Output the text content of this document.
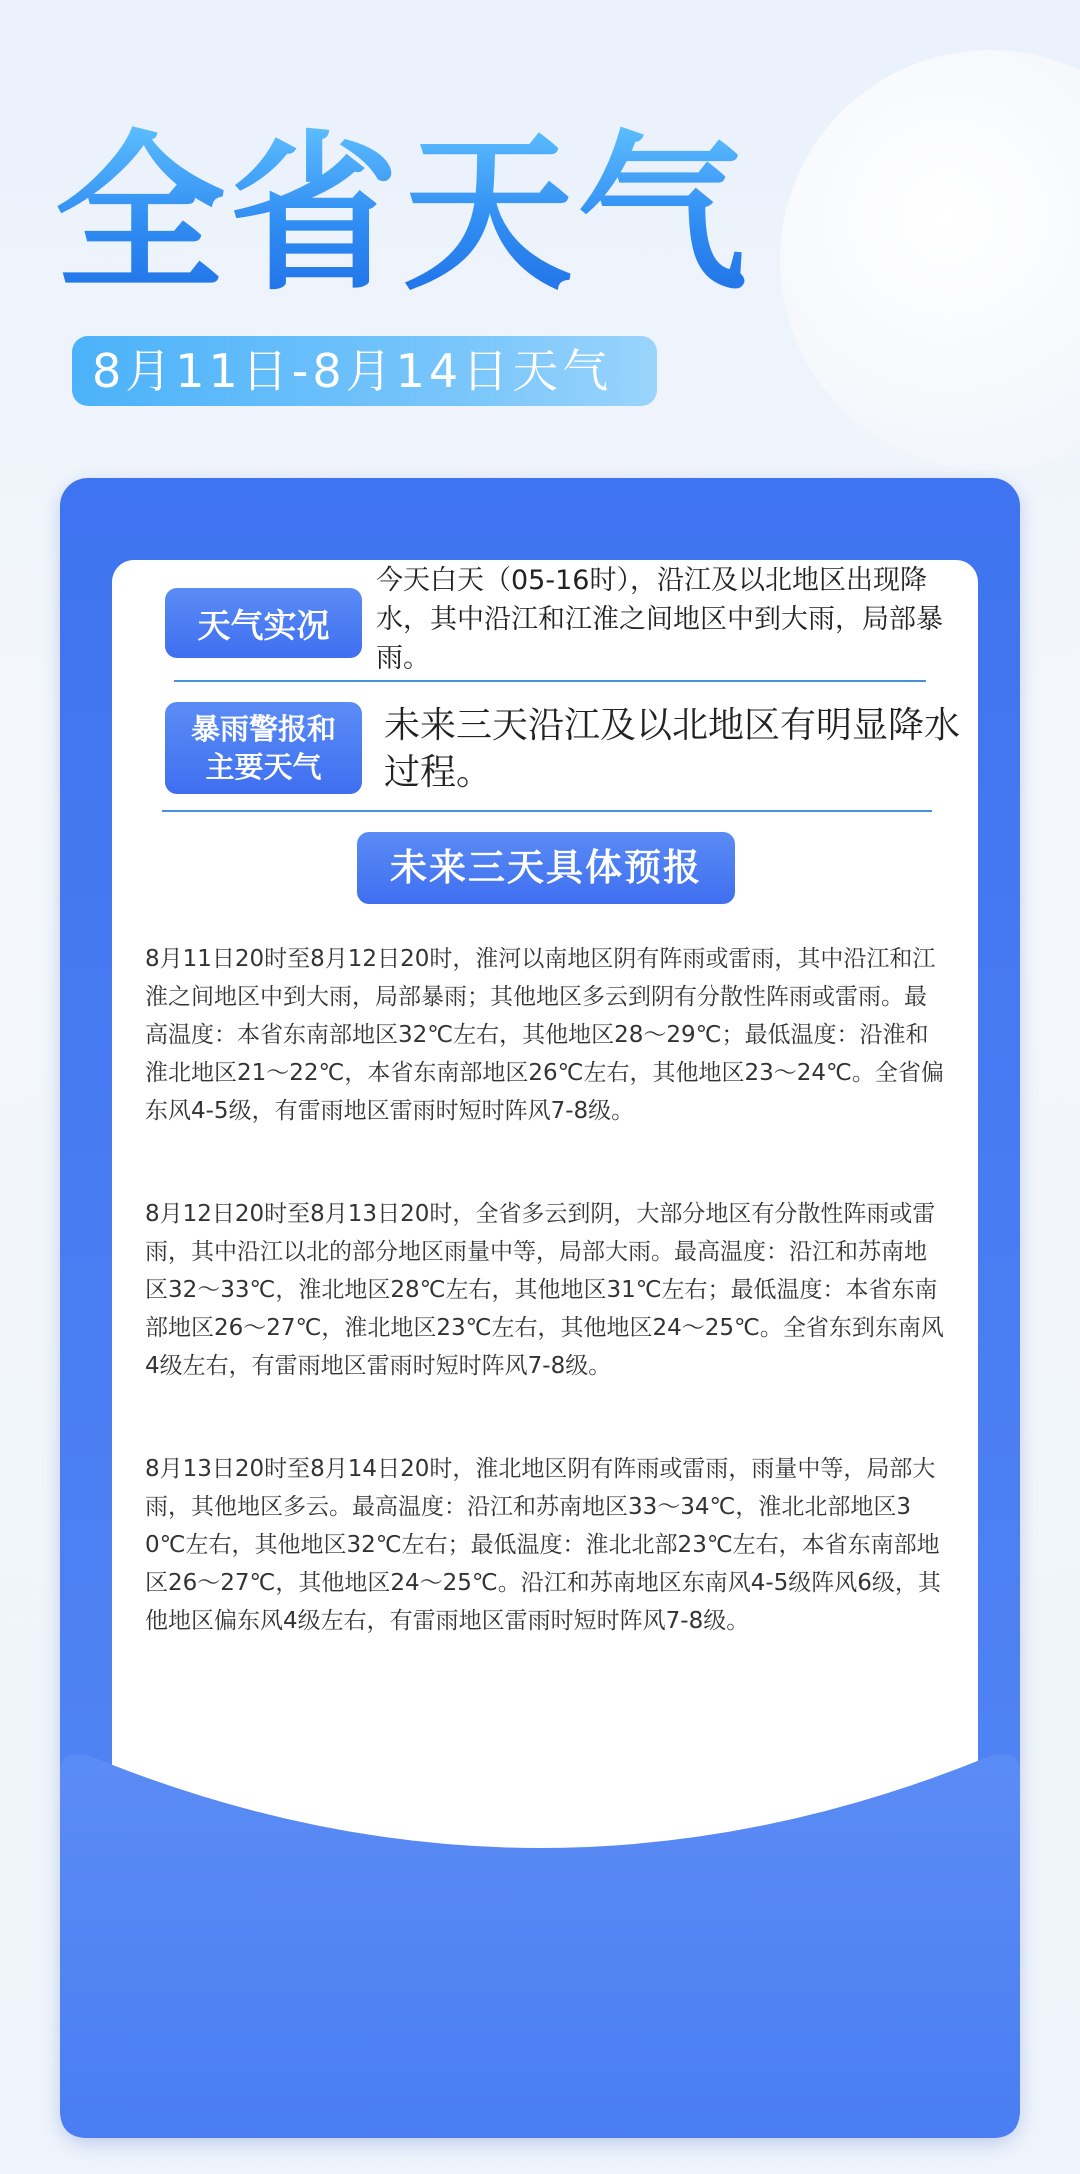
全省天气
8月11日-8月14日天气
天气实况
今天白天（05-16时），沿江及以北地区出现降水，其中沿江和江淮之间地区中到大雨，局部暴雨。
暴雨警报和
主要天气
未来三天沿江及以北地区有明显降水过程。
未来三天具体预报
8月11日20时至8月12日20时，淮河以南地区阴有阵雨或雷雨，其中沿江和江淮之间地区中到大雨，局部暴雨；其他地区多云到阴有分散性阵雨或雷雨。最高温度：本省东南部地区32℃左右，其他地区28～29℃；最低温度：沿淮和淮北地区21～22℃，本省东南部地区26℃左右，其他地区23～24℃。全省偏东风4-5级，有雷雨地区雷雨时短时阵风7-8级。
8月12日20时至8月13日20时，全省多云到阴，大部分地区有分散性阵雨或雷雨，其中沿江以北的部分地区雨量中等，局部大雨。最高温度：沿江和苏南地区32～33℃，淮北地区28℃左右，其他地区31℃左右；最低温度：本省东南部地区26～27℃，淮北地区23℃左右，其他地区24～25℃。全省东到东南风4级左右，有雷雨地区雷雨时短时阵风7-8级。
8月13日20时至8月14日20时，淮北地区阴有阵雨或雷雨，雨量中等，局部大雨，其他地区多云。最高温度：沿江和苏南地区33～34℃，淮北北部地区30℃左右，其他地区32℃左右；最低温度：淮北北部23℃左右，本省东南部地区26～27℃，其他地区24～25℃。沿江和苏南地区东南风4-5级阵风6级，其他地区偏东风4级左右，有雷雨地区雷雨时短时阵风7-8级。
